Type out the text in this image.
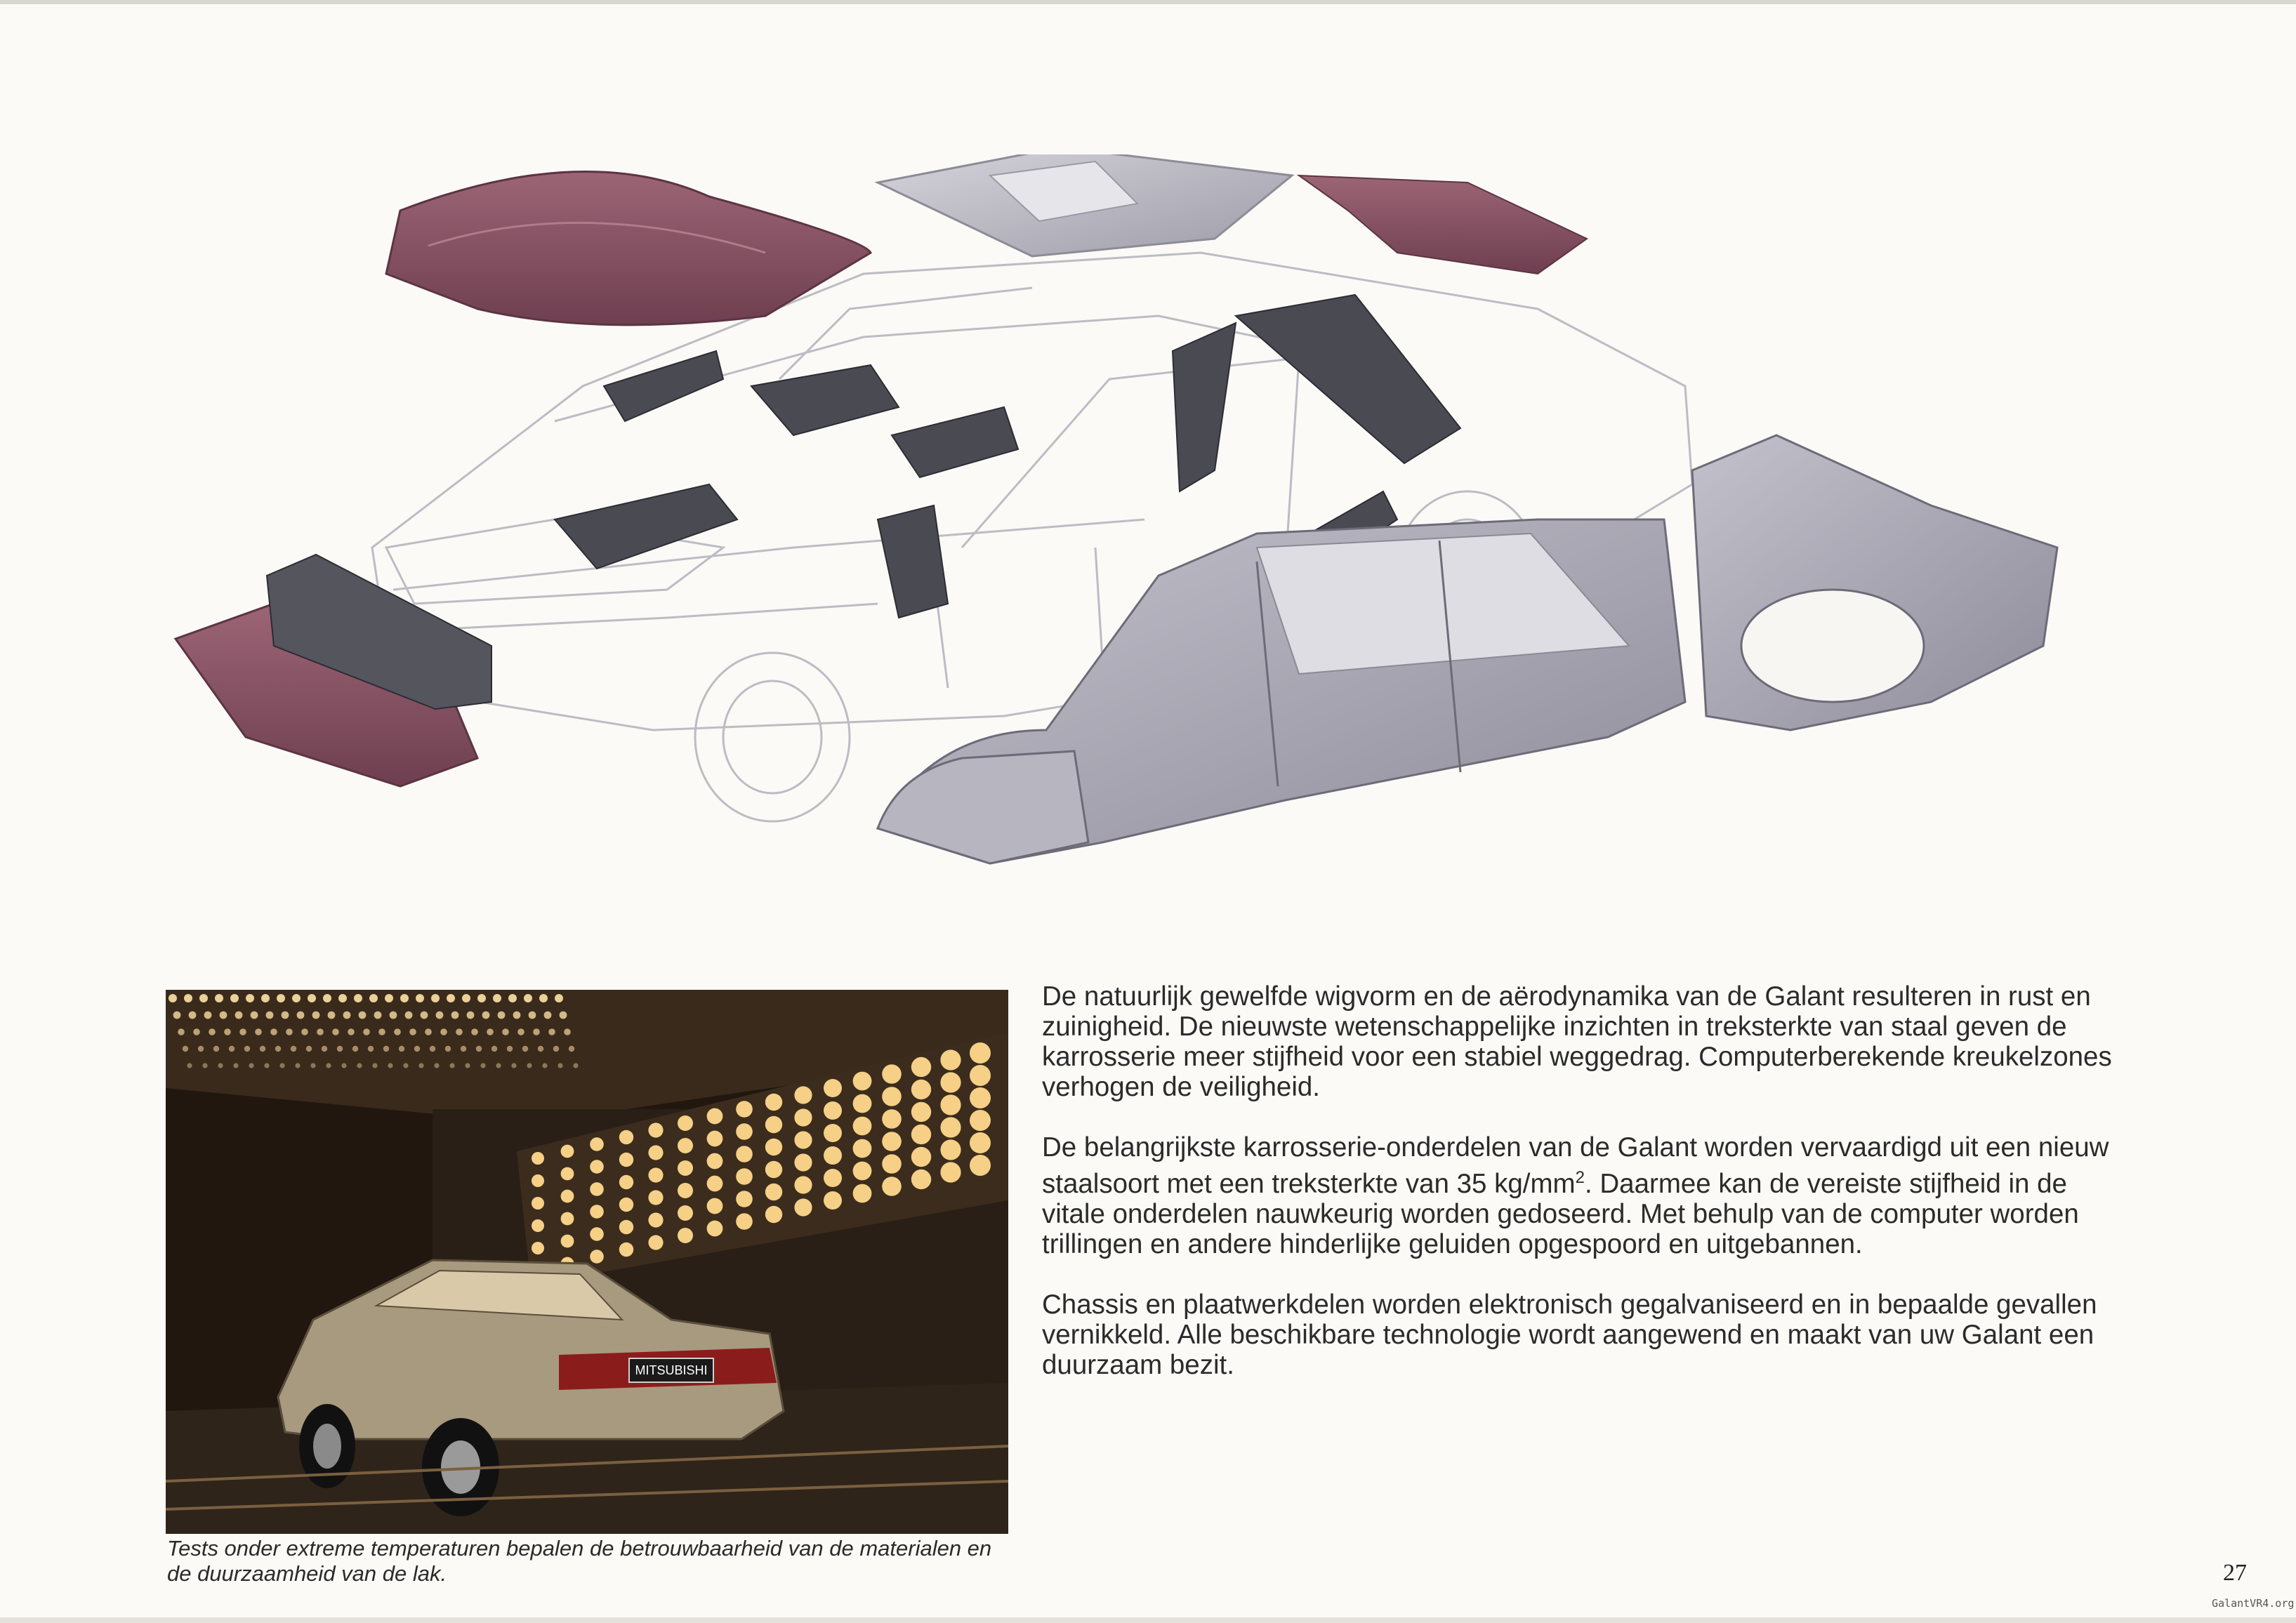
MITSUBISHI
Tests onder extreme temperaturen bepalen de betrouwbaarheid van de materialen en de duurzaamheid van de lak.

De natuurlijk gewelfde wigvorm en de aërodynamika van de Galant resulteren in rust en zuinigheid. De nieuwste wetenschappelijke inzichten in treksterkte van staal geven de karrosserie meer stijfheid voor een stabiel weggedrag. Computerberekende kreukelzones verhogen de veiligheid.

De belangrijkste karrosserie-onderdelen van de Galant worden vervaardigd uit een nieuw staalsoort met een treksterkte van 35 $kg/mm^2$. Daarmee kan de vereiste stijfheid in de vitale onderdelen nauwkeurig worden gedoseerd. Met behulp van de computer worden trillingen en andere hinderlijke geluiden opgespoord en uitgebannen.

Chassis en plaatwerkdelen worden elektronisch gegalvaniseerd en in bepaalde gevallen vernikkeld. Alle beschikbare technologie wordt aangewend en maakt van uw Galant een duurzaam bezit.

27
GalantVR4.org
